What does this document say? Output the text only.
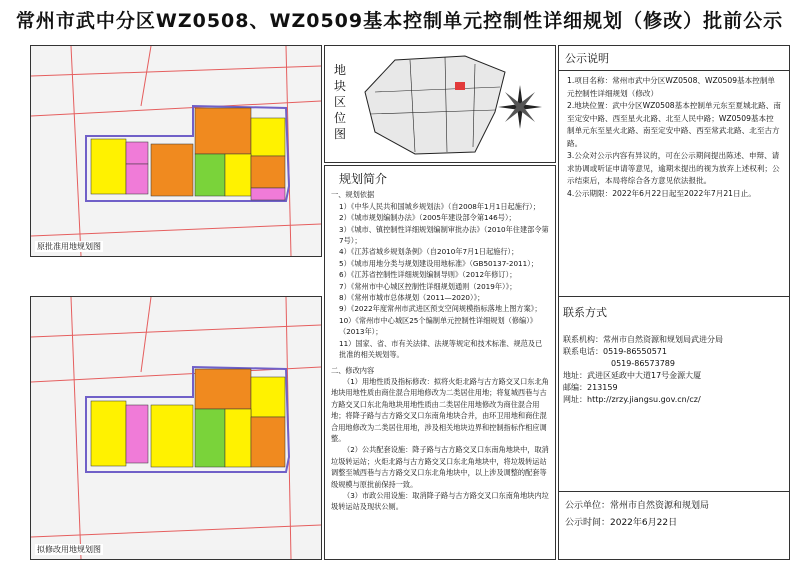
常州市武中分区WZ0508、WZ0509基本控制单元控制性详细规划（修改）批前公示
原批准用地规划图
拟修改用地规划图
地块区位图
规划简介

一、规划依据

1）《中华人民共和国城乡规划法》（自2008年1月1日起施行）；

2）《城市规划编制办法》（2005年建设部令第146号）；

3）《城市、镇控制性详细规划编制审批办法》（2010年住建部令第7号）；

4）《江苏省城乡规划条例》（自2010年7月1日起施行）；

5）《城市用地分类与规划建设用地标准》（GB50137-2011）；

6）《江苏省控制性详细规划编制导则》（2012年修订）；

7）《常州市中心城区控制性详细规划通则（2019年）》；

8）《常州市城市总体规划（2011—2020）》；

9）《2022年度常州市武进区预支空间规模指标落地上图方案》；

10）《常州市中心城区25个编制单元控制性详细规划（修编）》（2013年）；

11）国家、省、市有关法律、法规等规定和技术标准、规范及已批准的相关规划等。

二、修改内容

（1）用地性质及指标修改：拟将火炬北路与古方路交叉口东北角地块用地性质由商住混合用地修改为二类居住用地；将复城西巷与古方路交叉口东北角地块用地性质由二类居住用地修改为商住混合用地；将降子路与古方路交叉口东南角地块合并，由环卫用地和商住混合用地修改为二类居住用地，涉及相关地块边界和控制指标作相应调整。

（2）公共配套设施：降子路与古方路交叉口东南角地块中，取消垃圾转运站；火炬北路与古方路交叉口东北角地块中，将垃圾转运站调整至城西巷与古方路交叉口东北角地块中，以上涉及调整的配套等级规模与原批前保持一致。

（3）市政公用设施：取消降子路与古方路交叉口东南角地块内垃圾转运站及现状公厕。

公示说明

1.项目名称：常州市武中分区WZ0508、WZ0509基本控制单元控制性详细规划（修改）

2.地块位置：武中分区WZ0508基本控制单元东至夏城北路、南至定安中路、西至星火北路、北至人民中路；WZ0509基本控制单元东至星火北路、南至定安中路、西至常武北路、北至古方路。

3.公众对公示内容有异议的，可在公示期间提出陈述、申辩、请求协调或听证申请等意见，逾期未提出的视为放弃上述权利；公示结束后，本局将综合各方意见依法报批。

4.公示期限：2022年6月22日起至2022年7月21日止。

联系方式
联系机构：常州市自然资源和规划局武进分局
联系电话：0519-86550571
0519-86573789
地址：武进区延政中大道17号金源大厦
邮编：213159
网址：http://zrzy.jiangsu.gov.cn/cz/
公示单位：常州市自然资源和规划局
公示时间：2022年6月22日
